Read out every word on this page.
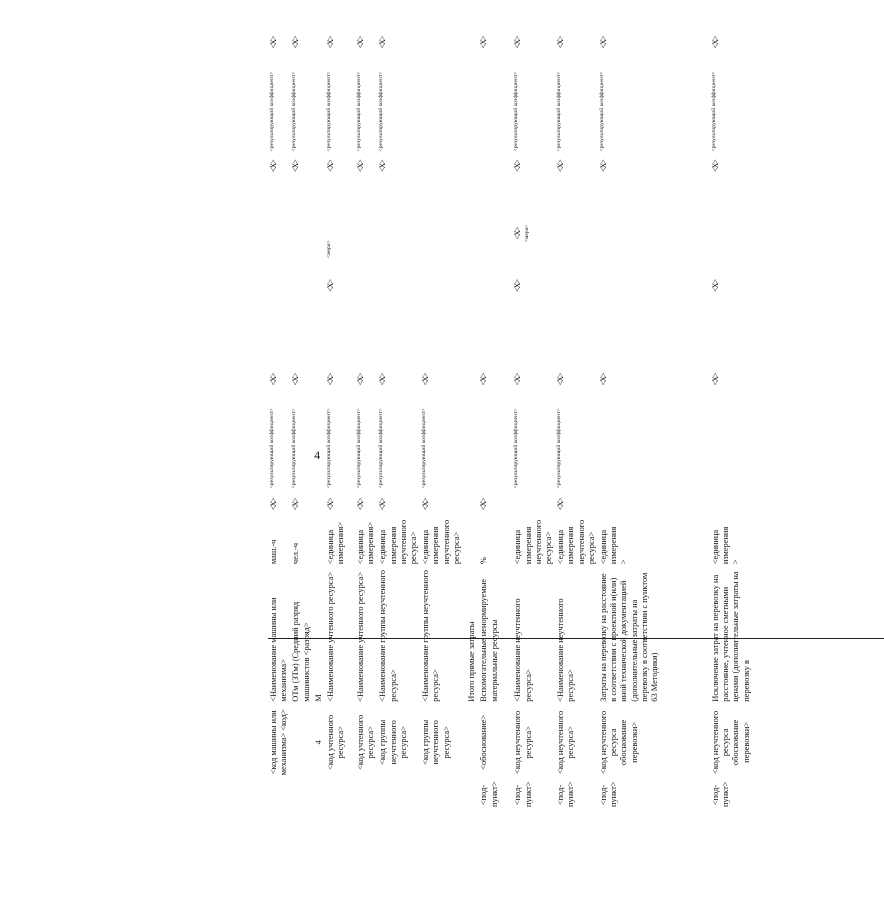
	<код машины или механизма> <код>	<Наименование машины или механизма>	маш.-ч	<X>	<результирующий коэффициент>	<X>					<X>	<результирующий коэффициент>	<X>
		ОТм (ЗТм) (Средний разряд машинистов <разряд>	чел.-ч	<X>	<результирующий коэффициент>	<X>					<X>	<результирующий коэффициент>	<X>
	4	М											
	<код учтенного ресурса>	<Наименование учтенного ресурса>	<единица измерения>	<X>	<результирующий коэффициент>	<X>		<X>	<мера>		<X>	<результирующий коэффициент>	<X>
	<код учтенного ресурса>	<Наименование учтенного ресурса>	<единица измерения>	<X>	<результирующий коэффициент>	<X>					<X>	<результирующий коэффициент>	<X>
	<код группы неучтенного ресурса>	<Наименование группы неучтенного ресурса>	<единица измерения неучтенного ресурса>	<X>	<результирующий коэффициент>	<X>					<X>	<результирующий коэффициент>	<X>
	<код группы неучтенного ресурса>	<Наименование группы неучтенного ресурса>	<единица измерения неучтенного ресурса>	<X>	<результирующий коэффициент>	<X>							
		Итого прямые затраты											
<под-пункт>	<обоснование>	Вспомогательные ненормируемые материальные ресурсы	%	<X>		<X>							<X>
<под-пункт>	<код неучтенного ресурса>	<Наименование неучтенного ресурса>	<единица измерения неучтенного ресурса>		<результирующий коэффициент>	<X>		<X>	<X> <мера>		<X>	<результирующий коэффициент>	<X>
<под-пункт>	<код неучтенного ресурса>	<Наименование неучтенного ресурса>	<единица измерения неучтенного ресурса>	<X>	<результирующий коэффициент>	<X>					<X>	<результирующий коэффициент>	<X>
<под-пункт>	<код неучтенного ресурса обоснование перевозки>	Затраты на перевозку на расстояние в соответствии с проектной и(или) иной технической документацией (дополнительные затраты на перевозку в соответствии с пунктом 63 Методики)	<единица измерения >			<X>					<X>	<результирующий коэффициент>	<X>
<под-пункт>	<код неучтенного ресурса обоснование перевозки>	Исключение затрат на перевозку на расстояние, учтенное сметными ценами (дополнительные затраты на перевозку в	<единица измерения >			<X>		<X>			<X>	<результирующий коэффициент>	<X>
4
